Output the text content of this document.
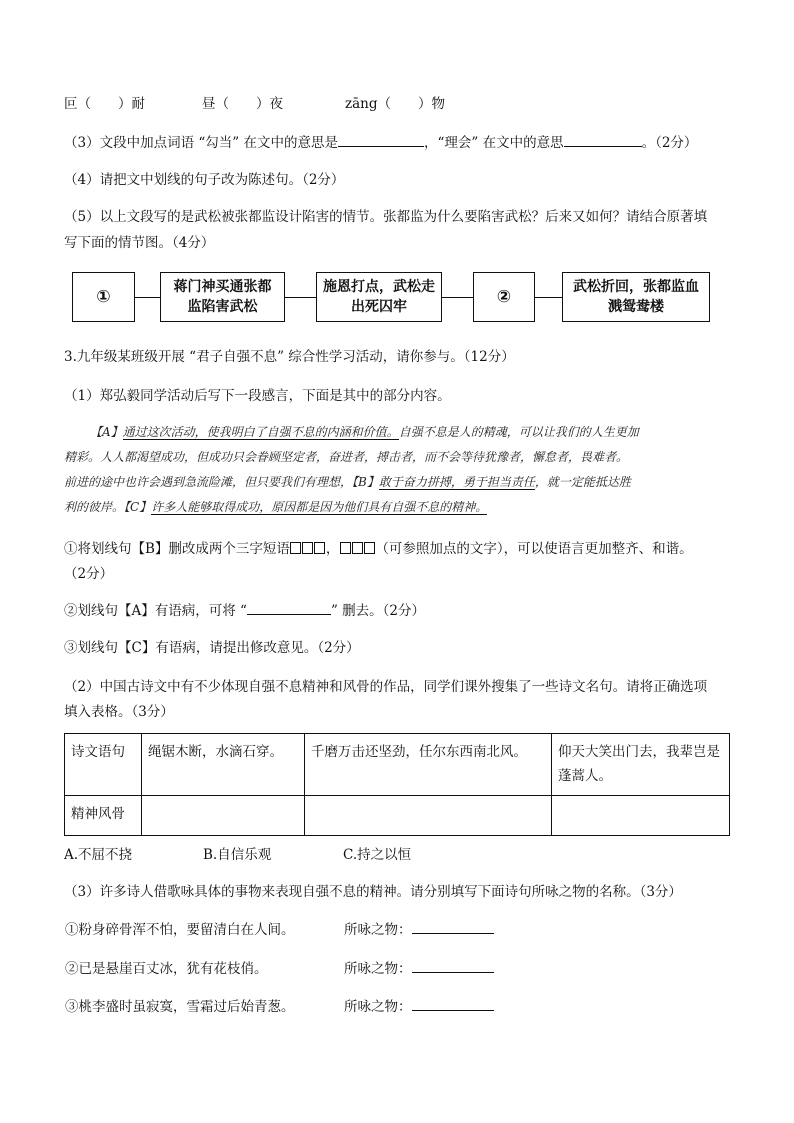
叵（　　）耐	昼（　　）夜	zāng（　　）物
（3）文段中加点词语 “勾当” 在文中的意思是	，“理会” 在文中的意思	。（2分）
（4）请把文中划线的句子改为陈述句。（2分）
（5）以上文段写的是武松被张都监设计陷害的情节。张都监为什么要陷害武松？后来又如何？请结合原著填
写下面的情节图。（4分）
①	蒋门神买通张都
监陷害武松
施恩打点，武松走
出死囚牢	②	武松折回，张都监血
溅鸳鸯楼
3.九年级某班级开展 “君子自强不息” 综合性学习活动，请你参与。（12分）
（1）郑弘毅同学活动后写下一段感言，下面是其中的部分内容。
【A】通过这次活动，使我明白了自强不息的内涵和价值。自强不息是人的精魂，可以让我们的人生更加
精彩。人人都渴望成功，但成功只会眷顾坚定者，奋进者，搏击者，而不会等待犹豫者，懈怠者，畏难者。
前进的途中也许会遇到急流险滩，但只要我们有理想，【B】敢于奋力拼搏，勇于担当责任，就一定能抵达胜
利的彼岸。【C】许多人能够取得成功，原因都是因为他们具有自强不息的精神。
①将划线句【B】删改成两个三字短语	，	（可参照加点的文字），可以使语言更加整齐、和谐。
（2分）
②划线句【A】有语病，可将 “	” 删去。（2分）
③划线句【C】有语病，请提出修改意见。（2分）
（2）中国古诗文中有不少体现自强不息精神和风骨的作品，同学们课外搜集了一些诗文名句。请将正确选项
填入表格。（3分）
诗文语句	绳锯木断，水滴石穿。	千磨万击还坚劲，任尔东西南北风。	仰天大笑出门去，我辈岂是
蓬蒿人。
精神风骨			
A.不屈不挠	B.自信乐观	C.持之以恒
（3）许多诗人借歌咏具体的事物来表现自强不息的精神。请分别填写下面诗句所咏之物的名称。（3分）
①粉身碎骨浑不怕，要留清白在人间。	所咏之物：
②已是悬崖百丈冰，犹有花枝俏。	所咏之物：
③桃李盛时虽寂寞，雪霜过后始青葱。	所咏之物：
